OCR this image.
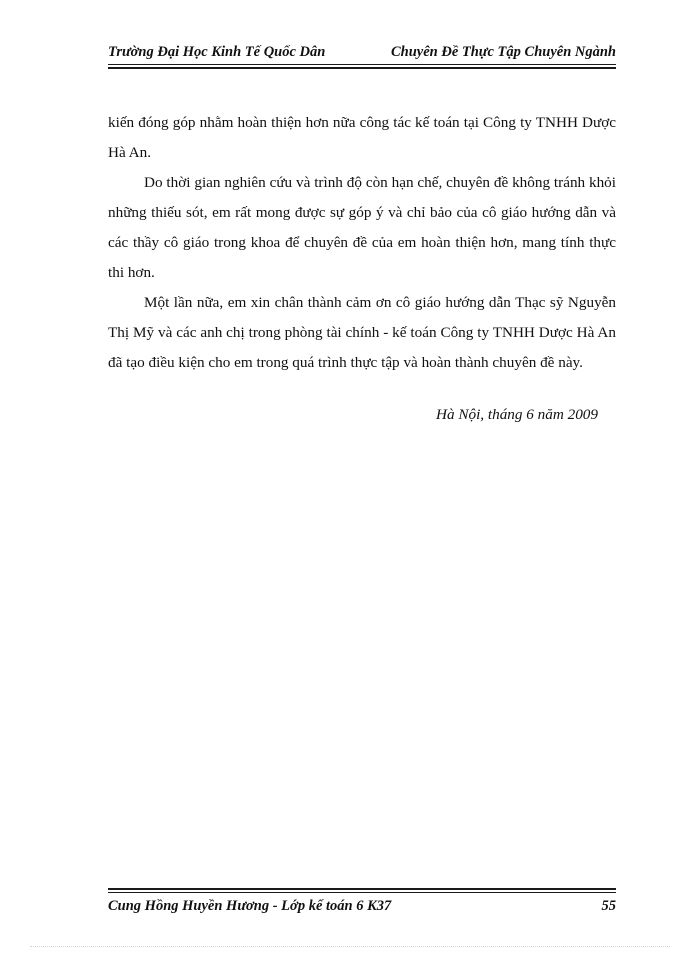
Trường Đại Học Kinh Tế Quốc Dân	Chuyên Đề Thực Tập Chuyên Ngành

kiến đóng góp nhằm hoàn thiện hơn nữa công tác kế toán tại Công ty TNHH Dược Hà An.

Do thời gian nghiên cứu và trình độ còn hạn chế, chuyên đề không tránh khỏi những thiếu sót, em rất mong được sự góp ý và chỉ bảo của cô giáo hướng dẫn và các thầy cô giáo trong khoa để chuyên đề của em hoàn thiện hơn, mang tính thực thi hơn.

Một lần nữa, em xin chân thành cảm ơn cô giáo hướng dẫn Thạc sỹ Nguyễn Thị Mỹ và các anh chị trong phòng tài chính - kế toán Công ty TNHH Dược Hà An đã tạo điều kiện cho em trong quá trình thực tập và hoàn thành chuyên đề này.

Hà Nội, tháng 6 năm 2009
Cung Hồng Huyền Hương - Lớp kế toán 6 K37	55
